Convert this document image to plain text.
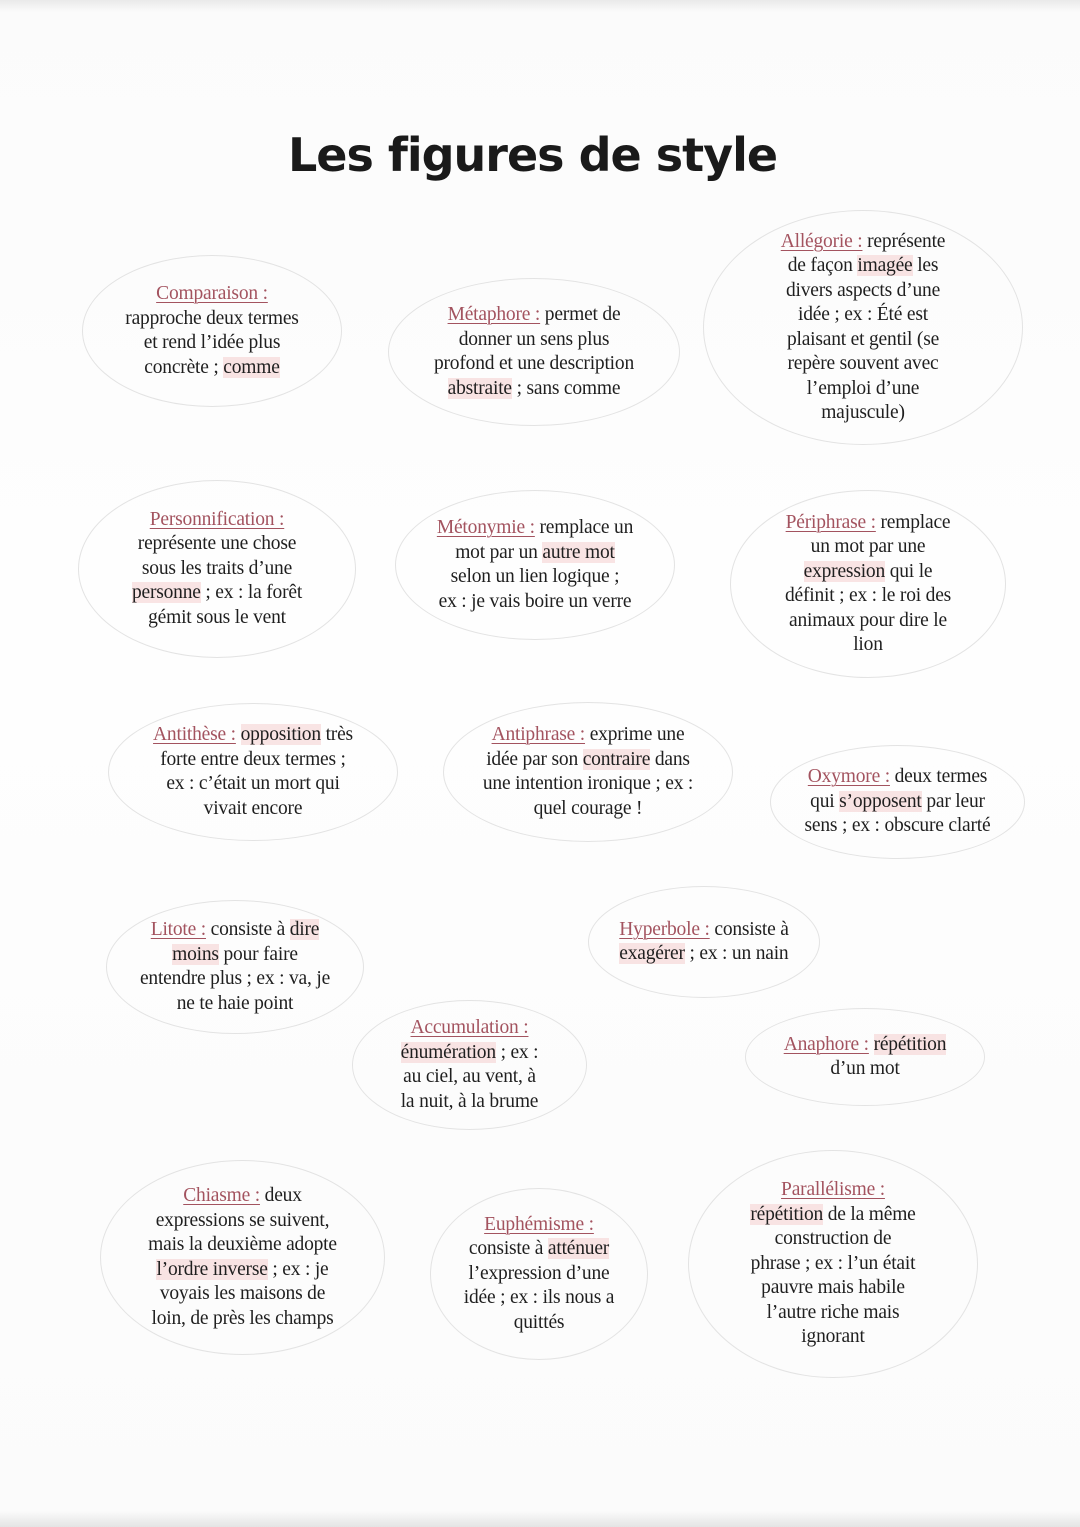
Les figures de style
Comparaison :
rapproche deux termes
et rend l’idée plus
concrète ; comme
Métaphore : permet de
donner un sens plus
profond et une description
abstraite ; sans comme
Allégorie : représente
de façon imagée les
divers aspects d’une
idée ; ex : Été est
plaisant et gentil (se
repère souvent avec
l’emploi d’une
majuscule)
Personnification :
représente une chose
sous les traits d’une
personne ; ex : la forêt
gémit sous le vent
Métonymie : remplace un
mot par un autre mot
selon un lien logique ;
ex : je vais boire un verre
Périphrase : remplace
un mot par une
expression qui le
définit ; ex : le roi des
animaux pour dire le
lion
Antithèse : opposition très
forte entre deux termes ;
ex : c’était un mort qui
vivait encore
Antiphrase : exprime une
idée par son contraire dans
une intention ironique ; ex :
quel courage !
Oxymore : deux termes
qui s’opposent par leur
sens ; ex : obscure clarté
Litote : consiste à dire
moins pour faire
entendre plus ; ex : va, je
ne te haie point
Hyperbole : consiste à
exagérer ; ex : un nain
Accumulation :
énumération ; ex :
au ciel, au vent, à
la nuit, à la brume
Anaphore : répétition
d’un mot
Chiasme : deux
expressions se suivent,
mais la deuxième adopte
l’ordre inverse ; ex : je
voyais les maisons de
loin, de près les champs
Euphémisme :
consiste à atténuer
l’expression d’une
idée ; ex : ils nous a
quittés
Parallélisme :
répétition de la même
construction de
phrase ; ex : l’un était
pauvre mais habile
l’autre riche mais
ignorant
